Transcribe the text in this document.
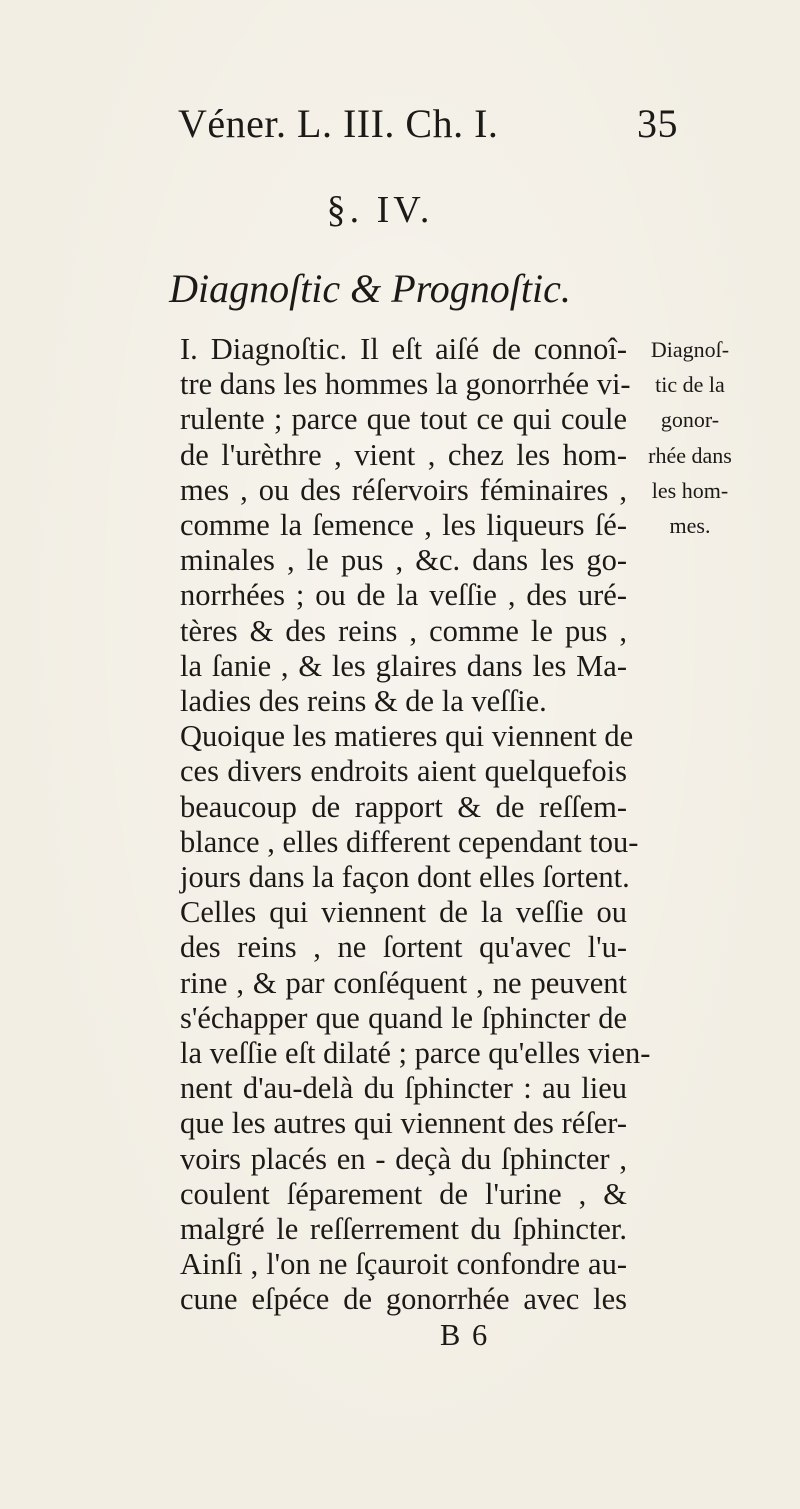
Véner. L. III. Ch. I.	35
§. IV.
Diagnoſtic & Prognoſtic.
I. Diagnoſtic. Il eſt aiſé de connoî-
tre dans les hommes la gonorrhée vi-
rulente ; parce que tout ce qui coule
de l'urèthre , vient , chez les hom-
mes , ou des réſervoirs féminaires ,
comme la ſemence , les liqueurs ſé-
minales , le pus , &c. dans les go-
norrhées ; ou de la veſſie , des uré-
tères & des reins , comme le pus ,
la ſanie , & les glaires dans les Ma-
ladies des reins & de la veſſie.
Quoique les matieres qui viennent de
ces divers endroits aient quelquefois
beaucoup de rapport & de reſſem-
blance , elles different cependant tou-
jours dans la façon dont elles ſortent.
Celles qui viennent de la veſſie ou
des reins , ne ſortent qu'avec l'u-
rine , & par conſéquent , ne peuvent
s'échapper que quand le ſphincter de
la veſſie eſt dilaté ; parce qu'elles vien-
nent d'au-delà du ſphincter : au lieu
que les autres qui viennent des réſer-
voirs placés en - deçà du ſphincter ,
coulent ſéparement de l'urine , &
malgré le reſſerrement du ſphincter.
Ainſi , l'on ne ſçauroit confondre au-
cune eſpéce de gonorrhée avec les
B 6
Diagnoſ-
tic de la
gonor-
rhée dans
les hom-
mes.
